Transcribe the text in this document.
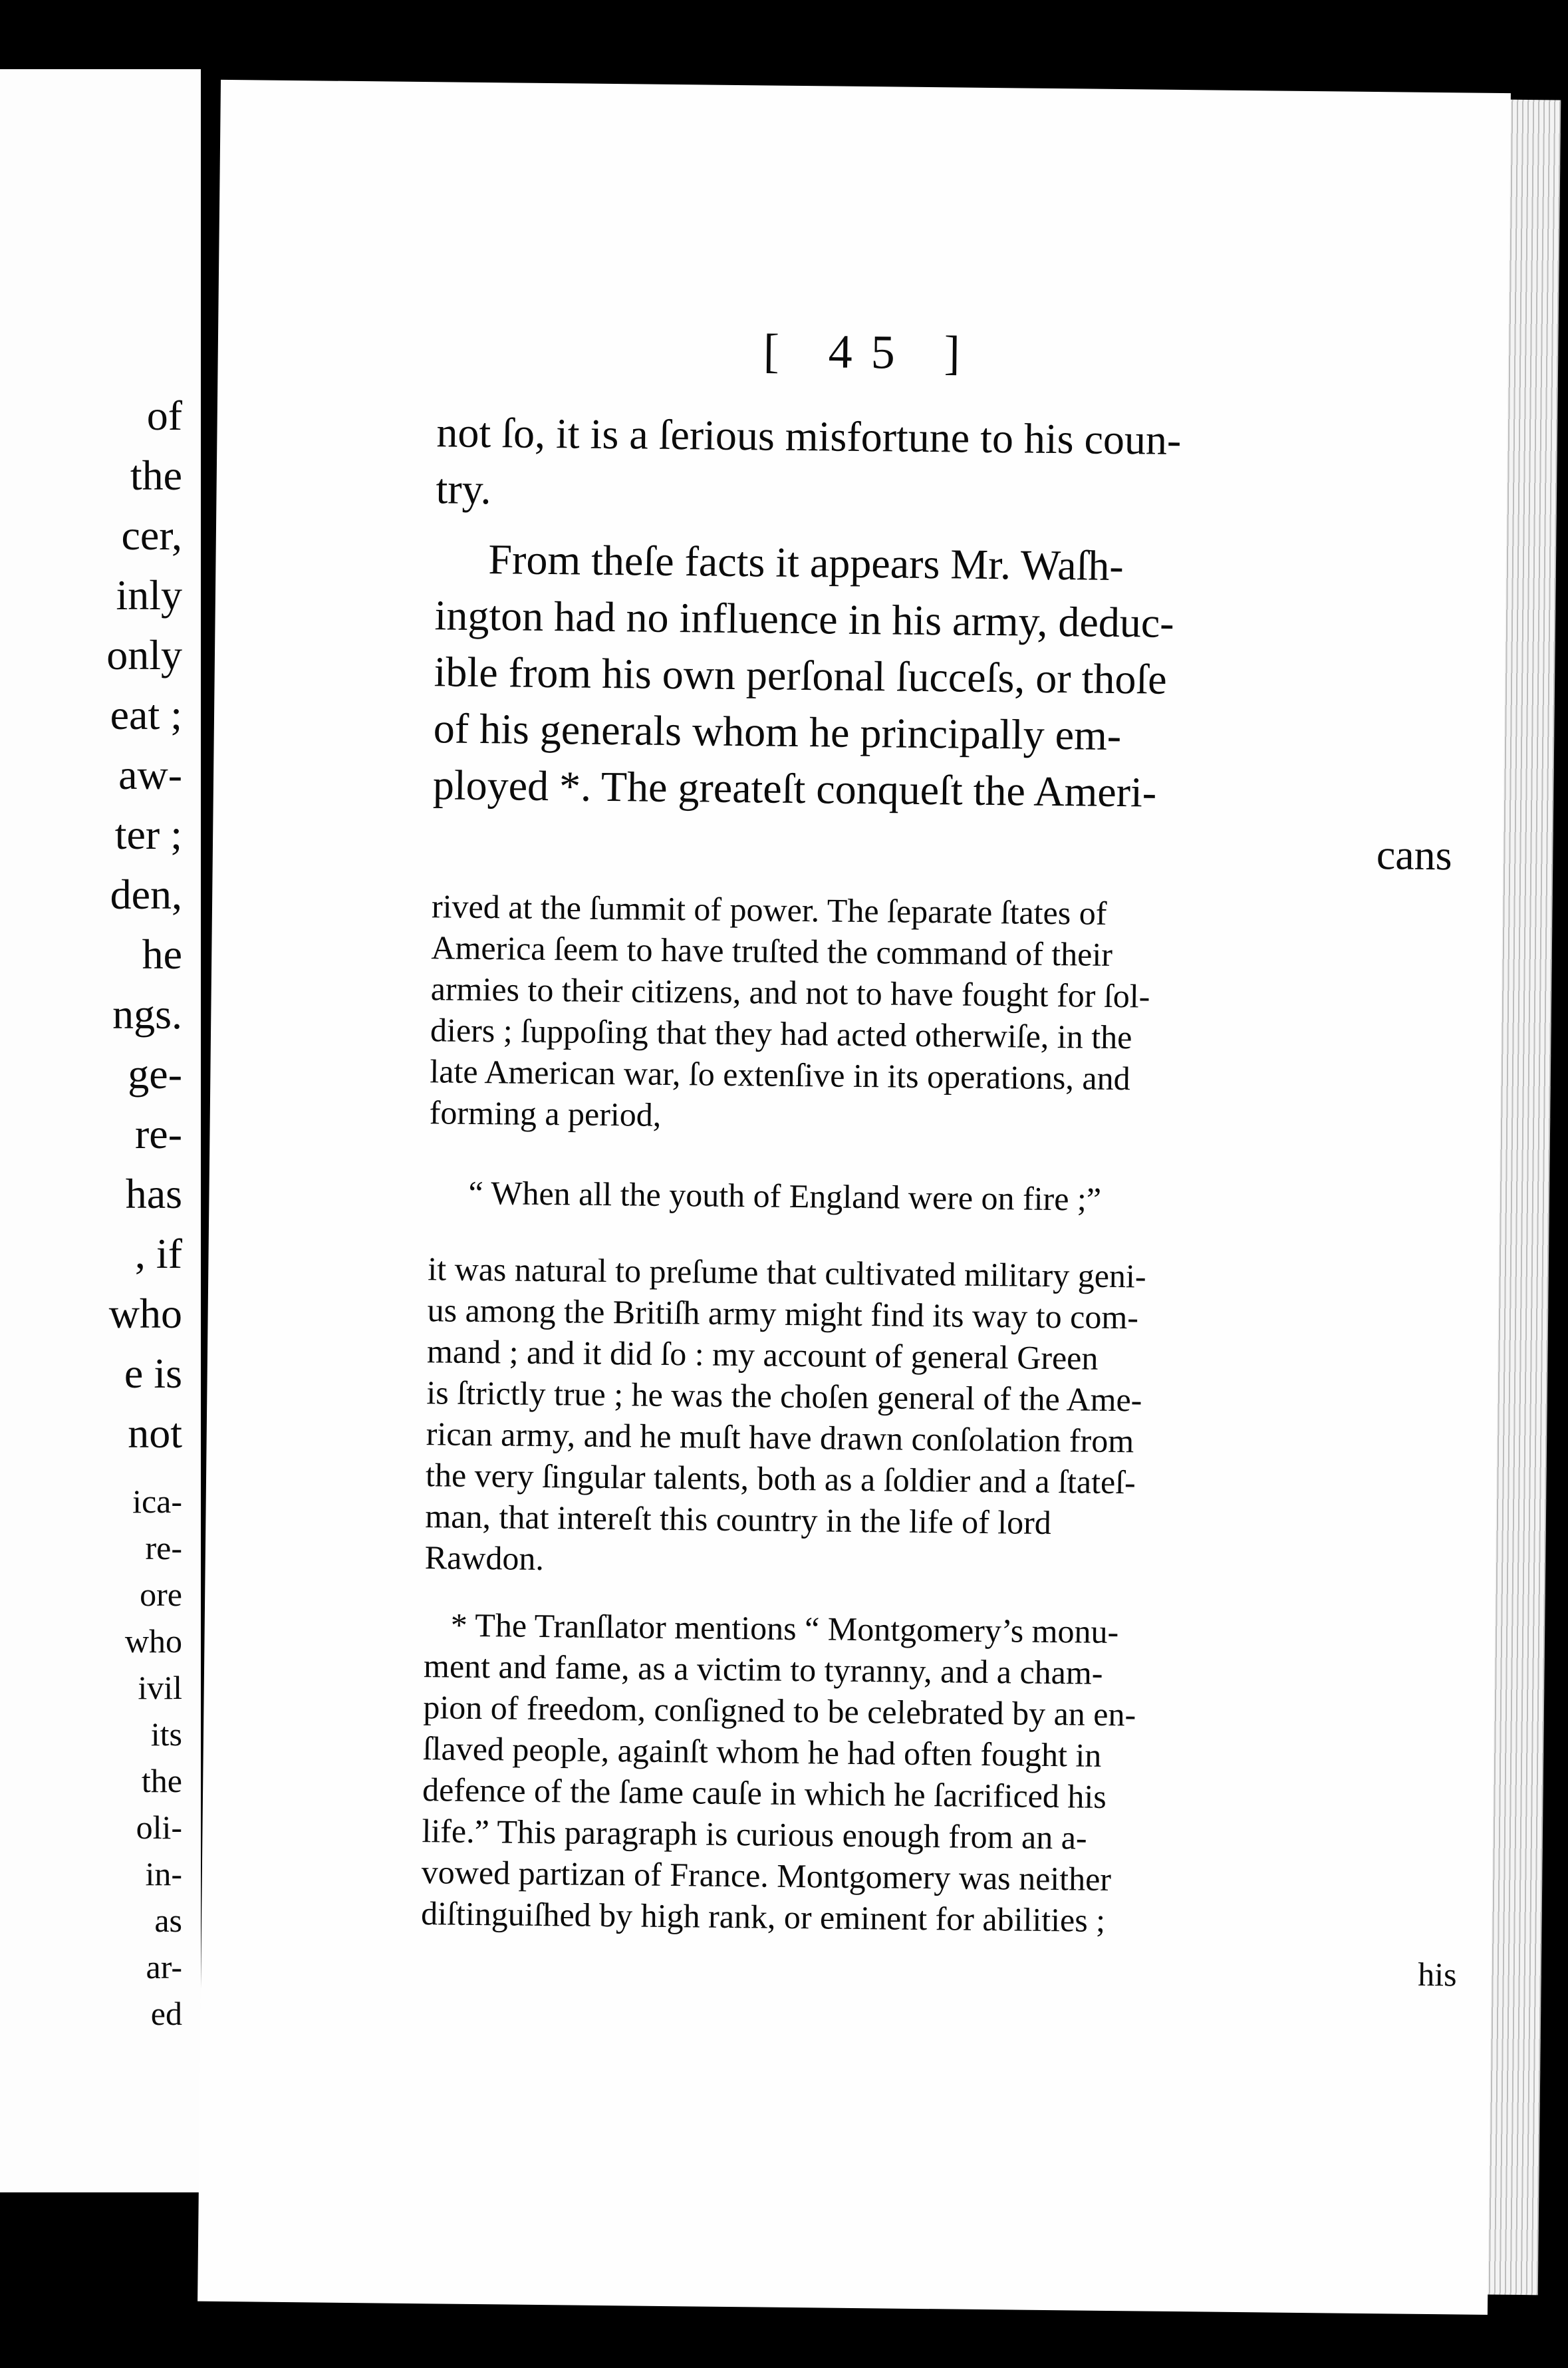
of
the
cer,
inly
only
eat ;
aw-
ter ;
den,
he
ngs.
ge-
re-
has
, if
who
e is
not
ica-
re-
ore
who
ivil
its
the
oli-
in-
as
ar-
ed
[ 45 ]
not ſo, it is a ſerious misfortune to his coun-
try.
From theſe facts it appears Mr. Waſh-
ington had no influence in his army, deduc-
ible from his own perſonal ſucceſs, or thoſe
of his generals whom he principally em-
ployed *. The greateſt conqueſt the Ameri-
cans
rived at the ſummit of power. The ſeparate ſtates of
America ſeem to have truſted the command of their
armies to their citizens, and not to have fought for ſol-
diers ; ſuppoſing that they had acted otherwiſe, in the
late American war, ſo extenſive in its operations, and
forming a period,
“ When all the youth of England were on fire ;”
it was natural to preſume that cultivated military geni-
us among the Britiſh army might find its way to com-
mand ; and it did ſo : my account of general Green
is ſtrictly true ; he was the choſen general of the Ame-
rican army, and he muſt have drawn conſolation from
the very ſingular talents, both as a ſoldier and a ſtateſ-
man, that intereſt this country in the life of lord
Rawdon.
* The Tranſlator mentions “ Montgomery’s monu-
ment and fame, as a victim to tyranny, and a cham-
pion of freedom, conſigned to be celebrated by an en-
ſlaved people, againſt whom he had often fought in
defence of the ſame cauſe in which he ſacrificed his
life.” This paragraph is curious enough from an a-
vowed partizan of France. Montgomery was neither
diſtinguiſhed by high rank, or eminent for abilities ;
his
